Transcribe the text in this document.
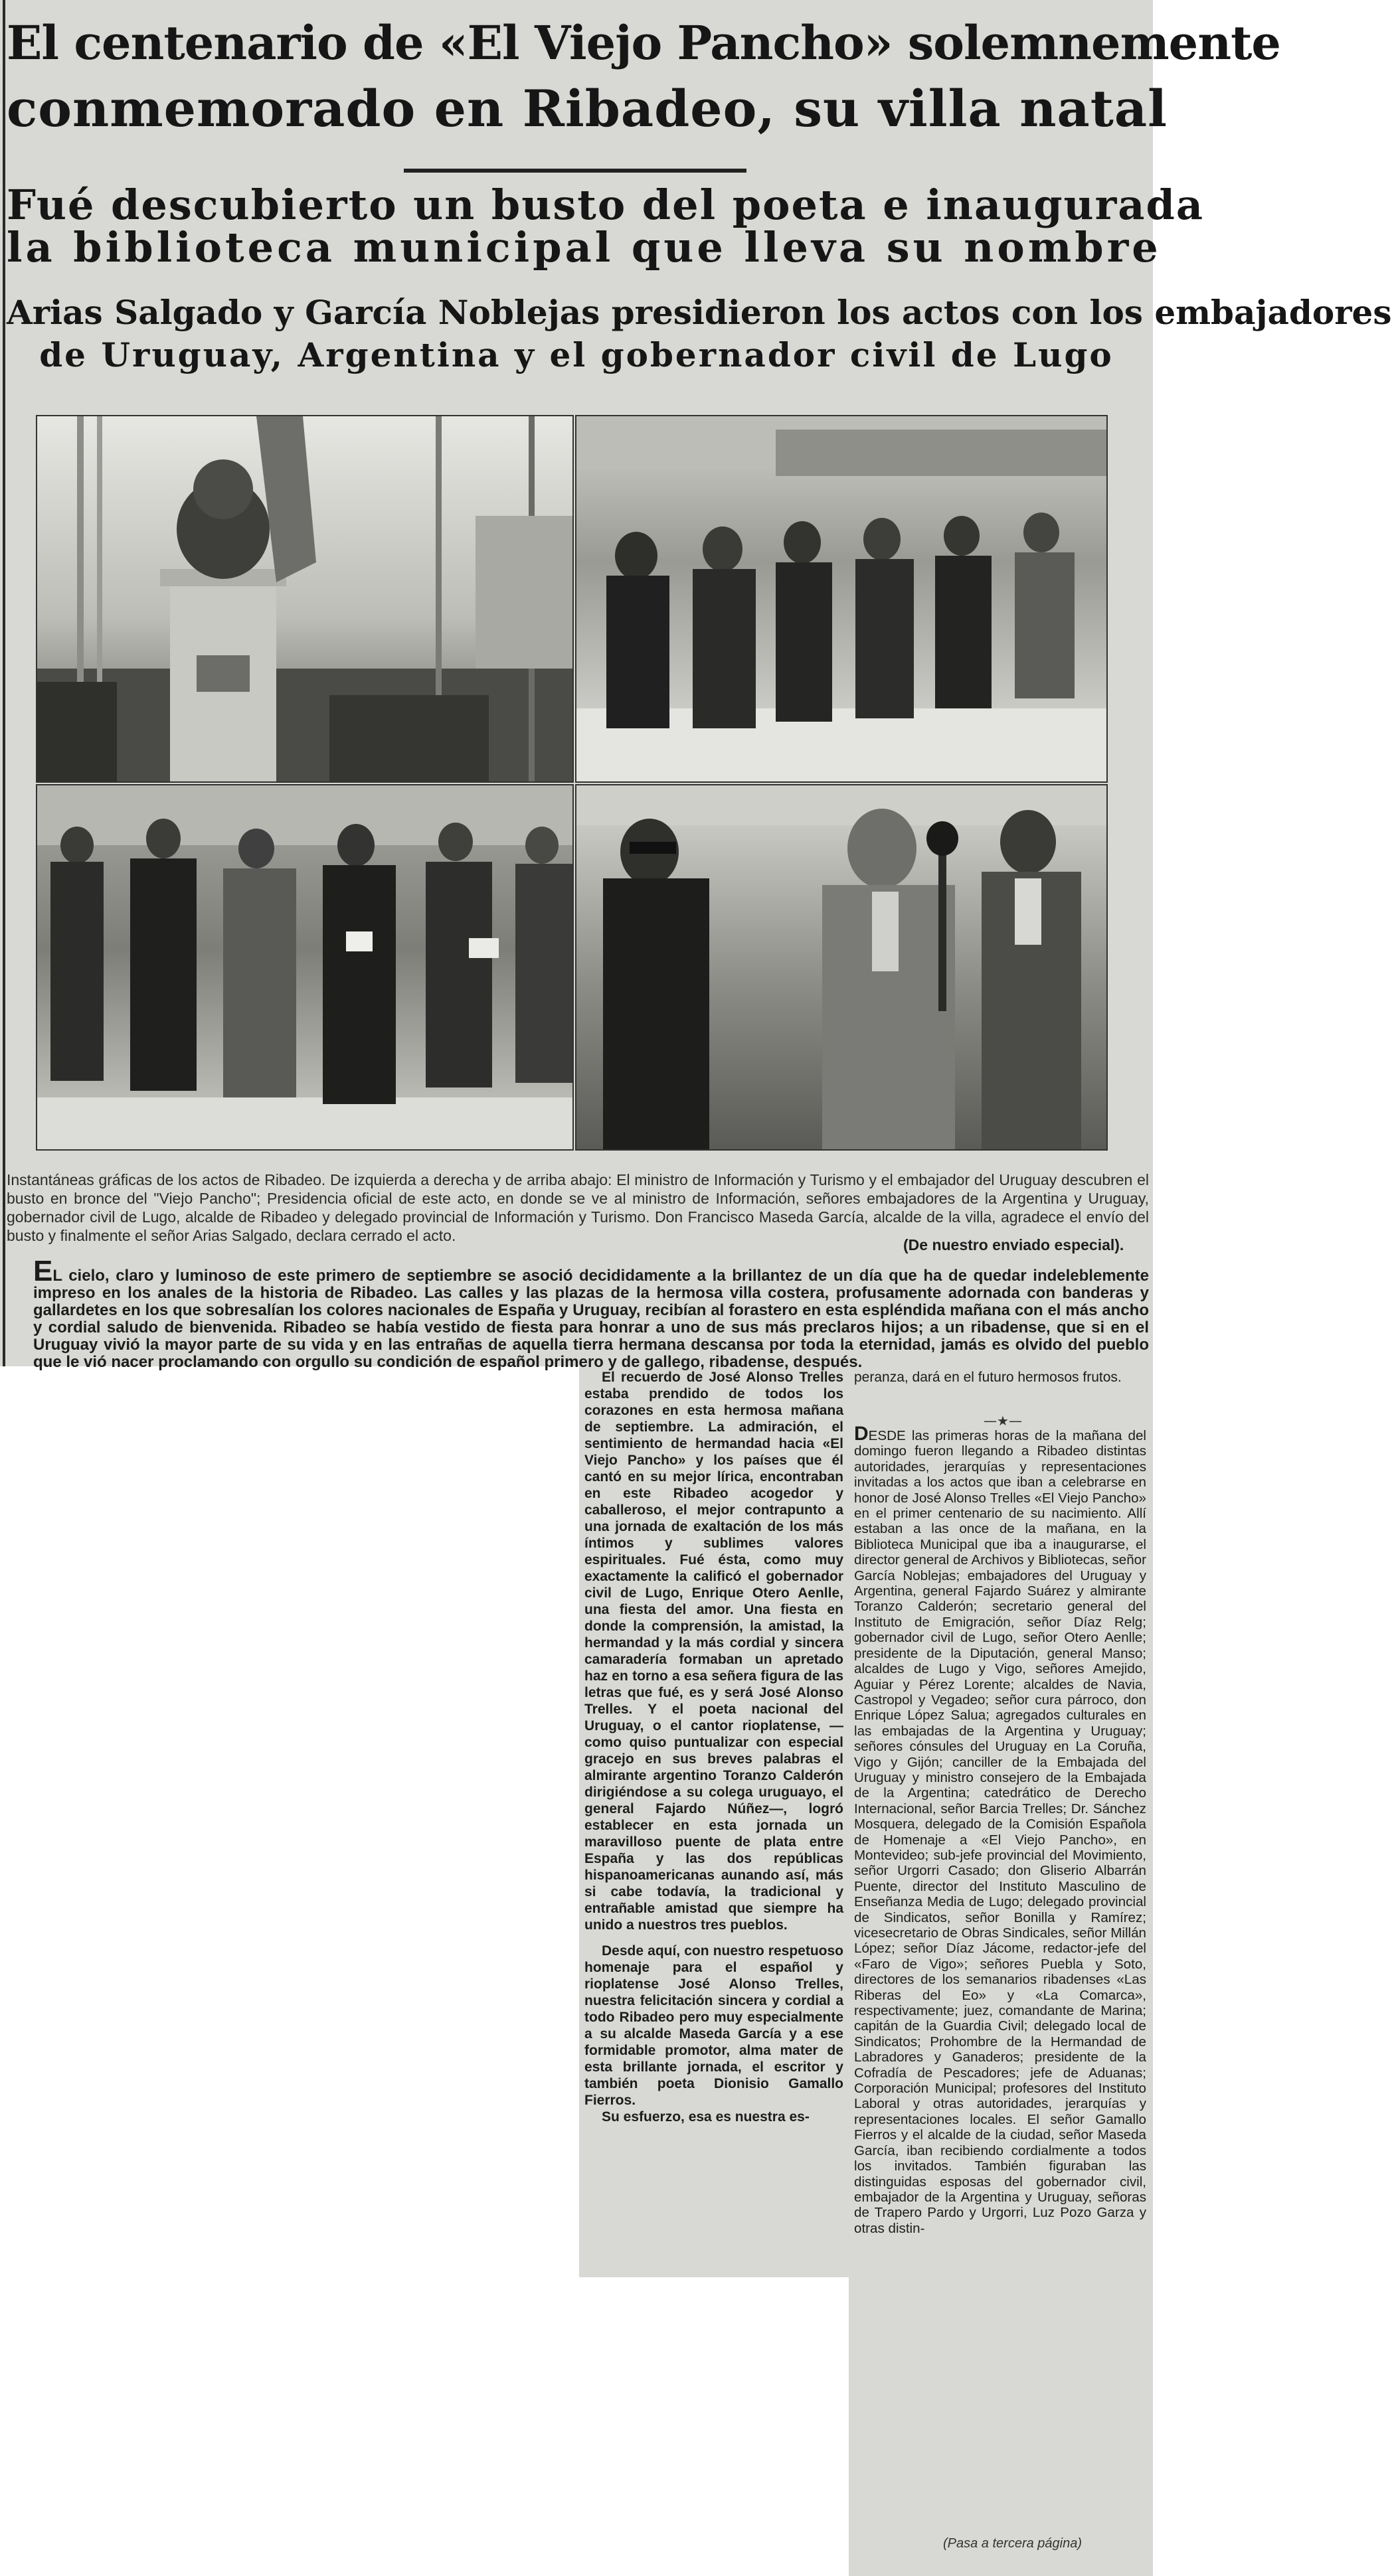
El centenario de «El Viejo Pancho» solemnemente
conmemorado en Ribadeo, su villa natal
Fué descubierto un busto del poeta e inaugurada
la biblioteca municipal que lleva su nombre
Arias Salgado y García Noblejas presidieron los actos con los embajadores
de Uruguay, Argentina y el gobernador civil de Lugo

Instantáneas gráficas de los actos de Ribadeo. De izquierda a derecha y de arriba abajo: El ministro de Información y Turismo y el embajador del Uruguay descubren el busto en bronce del "Viejo Pancho"; Presidencia oficial de este acto, en donde se ve al ministro de Información, señores embajadores de la Argentina y Uruguay, gobernador civil de Lugo, alcalde de Ribadeo y delegado provincial de Información y Turismo. Don Francisco Maseda García, alcalde de la villa, agradece el envío del busto y finalmente el señor Arias Salgado, declara cerrado el acto.

(De nuestro enviado especial).

EL cielo, claro y luminoso de este primero de septiembre se asoció decididamente a la brillantez de un día que ha de quedar indeleblemente impreso en los anales de la historia de Ribadeo. Las calles y las plazas de la hermosa villa costera, profusamente adornada con banderas y gallardetes en los que sobresalían los colores nacionales de España y Uruguay, recibían al forastero en esta espléndida mañana con el más ancho y cordial saludo de bienvenida. Ribadeo se había vestido de fiesta para honrar a uno de sus más preclaros hijos; a un ribadense, que si en el Uruguay vivió la mayor parte de su vida y en las entrañas de aquella tierra hermana descansa por toda la eternidad, jamás es olvido del pueblo que le vió nacer proclamando con orgullo su condición de español primero y de gallego, ribadense, después.

El recuerdo de José Alonso Trelles estaba prendido de todos los corazones en esta hermosa mañana de septiembre. La admiración, el sentimiento de hermandad hacia «El Viejo Pancho» y los países que él cantó en su mejor lírica, encontraban en este Ribadeo acogedor y caballeroso, el mejor contrapunto a una jornada de exaltación de los más íntimos y sublimes valores espirituales. Fué ésta, como muy exactamente la calificó el gobernador civil de Lugo, Enrique Otero Aenlle, una fiesta del amor. Una fiesta en donde la comprensión, la amistad, la hermandad y la más cordial y sincera camaradería formaban un apretado haz en torno a esa señera figura de las letras que fué, es y será José Alonso Trelles. Y el poeta nacional del Uruguay, o el cantor rioplatense, —como quiso puntualizar con especial gracejo en sus breves palabras el almirante argentino Toranzo Calderón dirigiéndose a su colega uruguayo, el general Fajardo Núñez—, logró establecer en esta jornada un maravilloso puente de plata entre España y las dos repúblicas hispanoamericanas aunando así, más si cabe todavía, la tradicional y entrañable amistad que siempre ha unido a nuestros tres pueblos.

Desde aquí, con nuestro respetuoso homenaje para el español y rioplatense José Alonso Trelles, nuestra felicitación sincera y cordial a todo Ribadeo pero muy especialmente a su alcalde Maseda García y a ese formidable promotor, alma mater de esta brillante jornada, el escritor y también poeta Dionisio Gamallo Fierros.

Su esfuerzo, esa es nuestra es-

peranza, dará en el futuro hermosos frutos.

—★—

DESDE las primeras horas de la mañana del domingo fueron llegando a Ribadeo distintas autoridades, jerarquías y representaciones invitadas a los actos que iban a celebrarse en honor de José Alonso Trelles «El Viejo Pancho» en el primer centenario de su nacimiento. Allí estaban a las once de la mañana, en la Biblioteca Municipal que iba a inaugurarse, el director general de Archivos y Bibliotecas, señor García Noblejas; embajadores del Uruguay y Argentina, general Fajardo Suárez y almirante Toranzo Calderón; secretario general del Instituto de Emigración, señor Díaz Relg; gobernador civil de Lugo, señor Otero Aenlle; presidente de la Diputación, general Manso; alcaldes de Lugo y Vigo, señores Amejido, Aguiar y Pérez Lorente; alcaldes de Navia, Castropol y Vegadeo; señor cura párroco, don Enrique López Salua; agregados culturales en las embajadas de la Argentina y Uruguay; señores cónsules del Uruguay en La Coruña, Vigo y Gijón; canciller de la Embajada del Uruguay y ministro consejero de la Embajada de la Argentina; catedrático de Derecho Internacional, señor Barcia Trelles; Dr. Sánchez Mosquera, delegado de la Comisión Española de Homenaje a «El Viejo Pancho», en Montevideo; sub-jefe provincial del Movimiento, señor Urgorri Casado; don Gliserio Albarrán Puente, director del Instituto Masculino de Enseñanza Media de Lugo; delegado provincial de Sindicatos, señor Bonilla y Ramírez; vicesecretario de Obras Sindicales, señor Millán López; señor Díaz Jácome, redactor-jefe del «Faro de Vigo»; señores Puebla y Soto, directores de los semanarios ribadenses «Las Riberas del Eo» y «La Comarca», respectivamente; juez, comandante de Marina; capitán de la Guardia Civil; delegado local de Sindicatos; Prohombre de la Hermandad de Labradores y Ganaderos; presidente de la Cofradía de Pescadores; jefe de Aduanas; Corporación Municipal; profesores del Instituto Laboral y otras autoridades, jerarquías y representaciones locales. El señor Gamallo Fierros y el alcalde de la ciudad, señor Maseda García, iban recibiendo cordialmente a todos los invitados. También figuraban las distinguidas esposas del gobernador civil, embajador de la Argentina y Uruguay, señoras de Trapero Pardo y Urgorri, Luz Pozo Garza y otras distin-

(Pasa a tercera página)
